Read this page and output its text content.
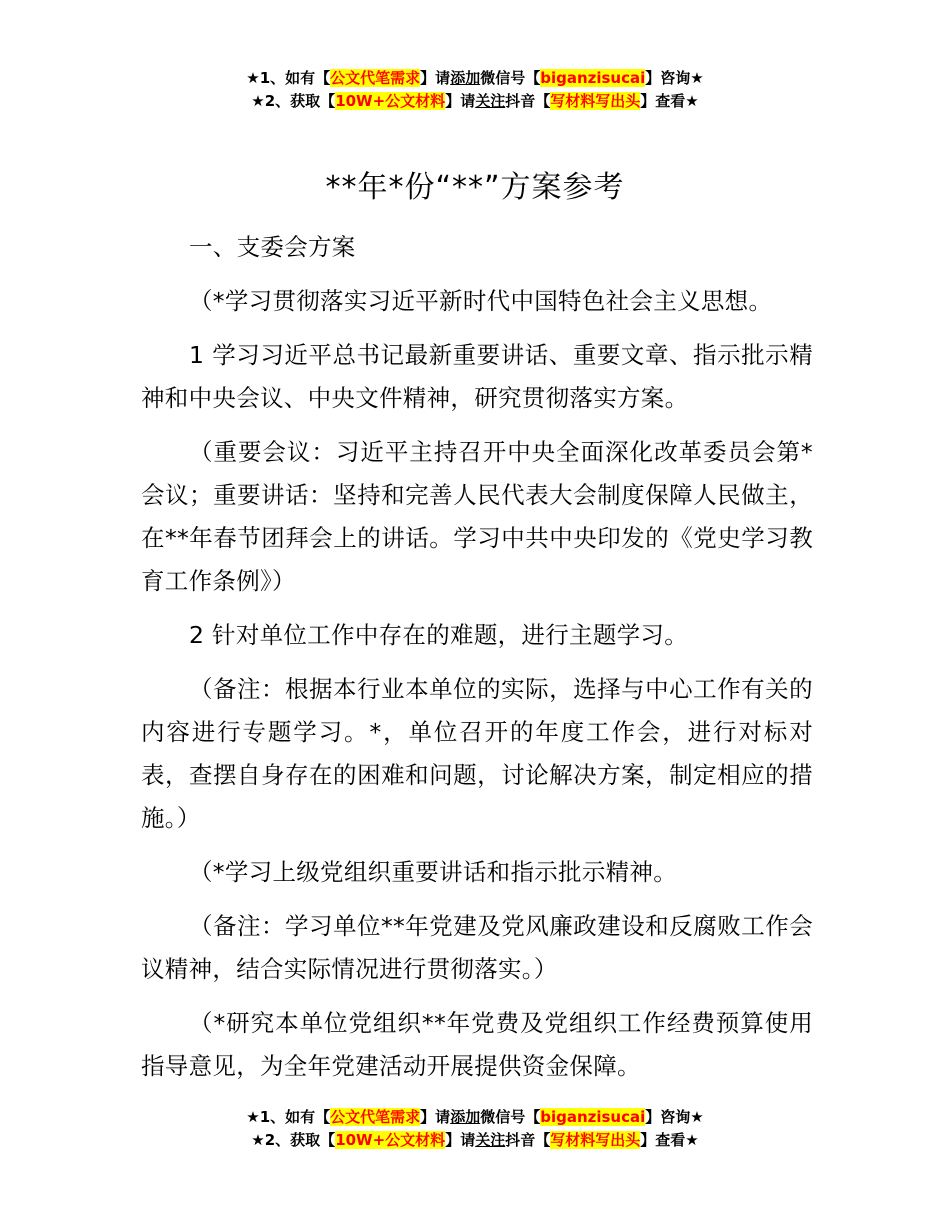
★1、如有【公文代笔需求】请添加微信号【biganzisucai】咨询★
★2、获取【10W+公文材料】请关注抖音【写材料写出头】查看★
**年*份“**”方案参考

一、支委会方案

（*学习贯彻落实习近平新时代中国特色社会主义思想。

1 学习习近平总书记最新重要讲话、重要文章、指示批示精神和中央会议、中央文件精神，研究贯彻落实方案。

（重要会议：习近平主持召开中央全面深化改革委员会第*会议；重要讲话：坚持和完善人民代表大会制度保障人民做主，在**年春节团拜会上的讲话。学习中共中央印发的《党史学习教育工作条例》）

2 针对单位工作中存在的难题，进行主题学习。

（备注：根据本行业本单位的实际，选择与中心工作有关的内容进行专题学习。*，单位召开的年度工作会，进行对标对表，查摆自身存在的困难和问题，讨论解决方案，制定相应的措施。）

（*学习上级党组织重要讲话和指示批示精神。

（备注：学习单位**年党建及党风廉政建设和反腐败工作会议精神，结合实际情况进行贯彻落实。）

（*研究本单位党组织**年党费及党组织工作经费预算使用指导意见，为全年党建活动开展提供资金保障。

★1、如有【公文代笔需求】请添加微信号【biganzisucai】咨询★
★2、获取【10W+公文材料】请关注抖音【写材料写出头】查看★
